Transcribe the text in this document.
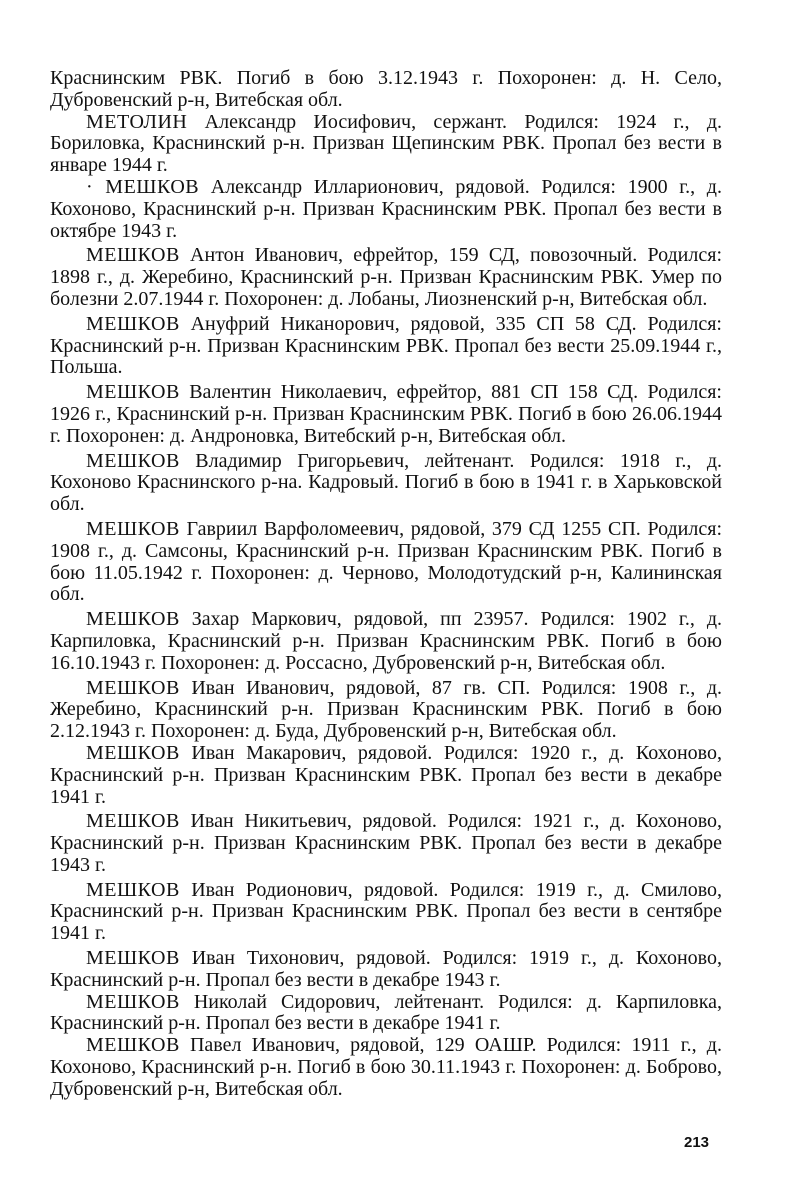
Краснинским РВК. Погиб в бою 3.12.1943 г. Похоронен: д. Н. Село, Дубровенский р-н, Витебская обл.

МЕТОЛИН Александр Иосифович, сержант. Родился: 1924 г., д. Бориловка, Краснинский р-н. Призван Щепинским РВК. Пропал без вести в январе 1944 г.

· МЕШКОВ Александр Илларионович, рядовой. Родился: 1900 г., д. Кохоново, Краснинский р-н. Призван Краснинским РВК. Пропал без вести в октябре 1943 г.

МЕШКОВ Антон Иванович, ефрейтор, 159 СД, повозочный. Родился: 1898 г., д. Жеребино, Краснинский р-н. Призван Краснинским РВК. Умер по болезни 2.07.1944 г. Похоронен: д. Лобаны, Лиозненский р-н, Витебская обл.

МЕШКОВ Ануфрий Никанорович, рядовой, 335 СП 58 СД. Родился: Краснинский р-н. Призван Краснинским РВК. Пропал без вести 25.09.1944 г., Польша.

МЕШКОВ Валентин Николаевич, ефрейтор, 881 СП 158 СД. Родился: 1926 г., Краснинский р-н. Призван Краснинским РВК. Погиб в бою 26.06.1944 г. Похоронен: д. Андроновка, Витебский р-н, Витебская обл.

МЕШКОВ Владимир Григорьевич, лейтенант. Родился: 1918 г., д. Кохоново Краснинского р-на. Кадровый. Погиб в бою в 1941 г. в Харьковской обл.

МЕШКОВ Гавриил Варфоломеевич, рядовой, 379 СД 1255 СП. Родился: 1908 г., д. Самсоны, Краснинский р-н. Призван Краснинским РВК. Погиб в бою 11.05.1942 г. Похоронен: д. Черново, Молодотудский р-н, Калининская обл.

МЕШКОВ Захар Маркович, рядовой, пп 23957. Родился: 1902 г., д. Карпиловка, Краснинский р-н. Призван Краснинским РВК. Погиб в бою 16.10.1943 г. Похоронен: д. Россасно, Дубровенский р-н, Витебская обл.

МЕШКОВ Иван Иванович, рядовой, 87 гв. СП. Родился: 1908 г., д. Жеребино, Краснинский р-н. Призван Краснинским РВК. Погиб в бою 2.12.1943 г. Похоронен: д. Буда, Дубровенский р-н, Витебская обл.

МЕШКОВ Иван Макарович, рядовой. Родился: 1920 г., д. Кохоново, Краснинский р-н. Призван Краснинским РВК. Пропал без вести в декабре 1941 г.

МЕШКОВ Иван Никитьевич, рядовой. Родился: 1921 г., д. Кохоново, Краснинский р-н. Призван Краснинским РВК. Пропал без вести в декабре 1943 г.

МЕШКОВ Иван Родионович, рядовой. Родился: 1919 г., д. Смилово, Краснинский р-н. Призван Краснинским РВК. Пропал без вести в сентябре 1941 г.

МЕШКОВ Иван Тихонович, рядовой. Родился: 1919 г., д. Кохоново, Краснинский р-н. Пропал без вести в декабре 1943 г.

МЕШКОВ Николай Сидорович, лейтенант. Родился: д. Карпиловка, Краснинский р-н. Пропал без вести в декабре 1941 г.

МЕШКОВ Павел Иванович, рядовой, 129 ОАШР. Родился: 1911 г., д. Кохоново, Краснинский р-н. Погиб в бою 30.11.1943 г. Похоронен: д. Боброво, Дубровенский р-н, Витебская обл.

213
